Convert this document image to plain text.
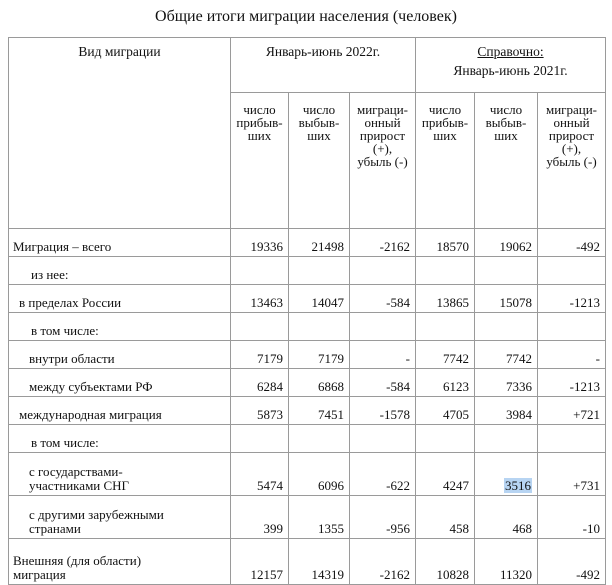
Общие итоги миграции населения (человек)
Вид миграции	Январь-июнь 2022г.			Справочно:
Январь-июнь 2021г.		
	число
прибыв-
ших	число
выбыв-
ших	миграци-
онный
прирост
(+),
убыль (-)	число
прибыв-
ших	число
выбыв-
ших	миграци-
онный
прирост
(+),
убыль (-)
Миграция – всего	19336	21498	-2162	18570	19062	-492
из нее:						
в пределах России	13463	14047	-584	13865	15078	-1213
в том числе:						
внутри области	7179	7179	-	7742	7742	-
между субъектами РФ	6284	6868	-584	6123	7336	-1213
международная миграция	5873	7451	-1578	4705	3984	+721
в том числе:						
с государствами-
участниками СНГ	5474	6096	-622	4247	3516	+731
с другими зарубежными
странами	399	1355	-956	458	468	-10
Внешняя (для области)
миграция	12157	14319	-2162	10828	11320	-492
